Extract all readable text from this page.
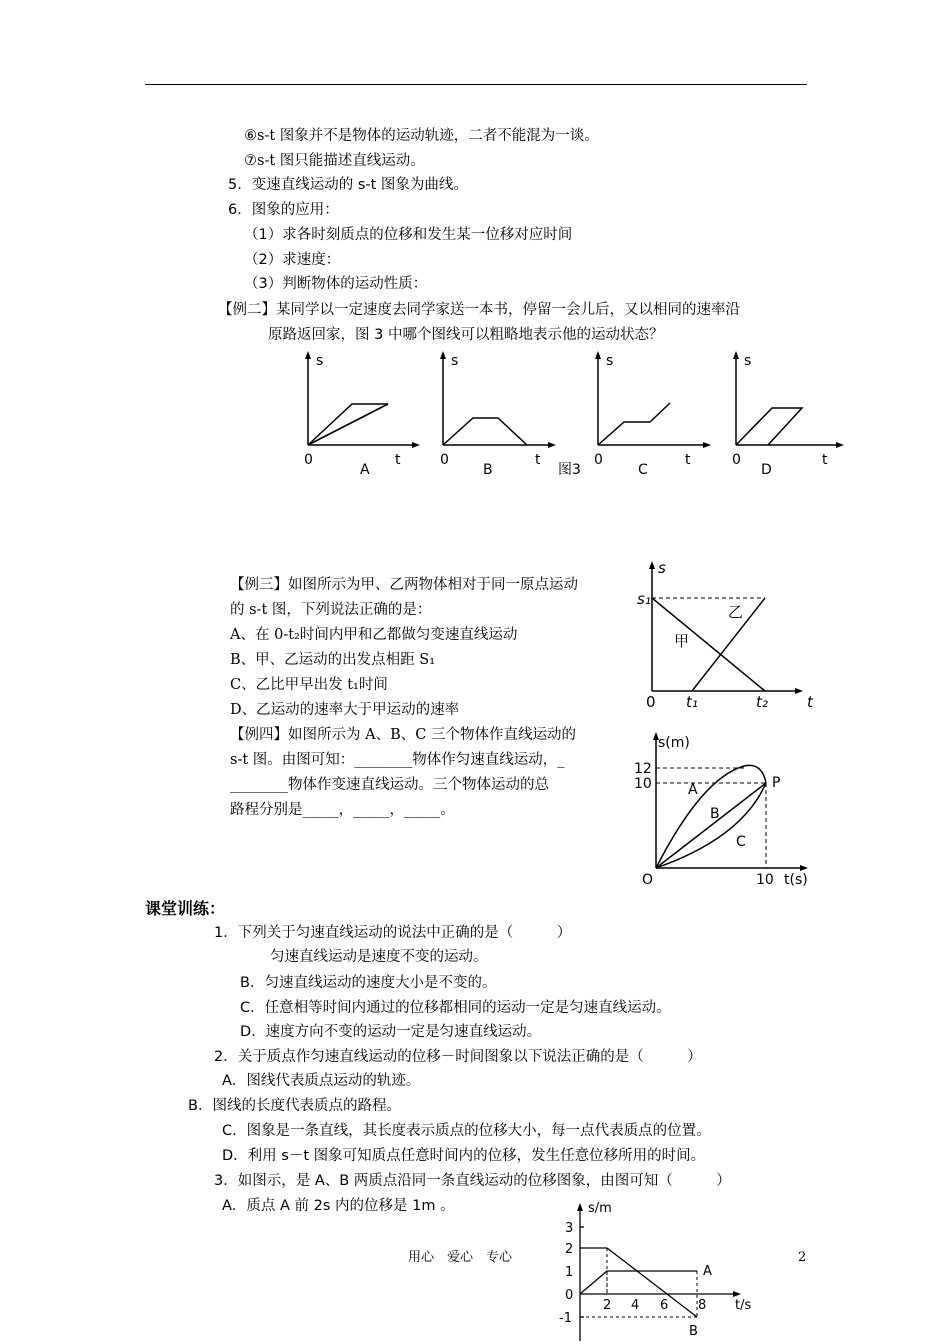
⑥s-t 图象并不是物体的运动轨迹，二者不能混为一谈。
⑦s-t 图只能描述直线运动。
5．变速直线运动的 s-t 图象为曲线。
6．图象的应用：
（1）求各时刻质点的位移和发生某一位移对应时间
（2）求速度：
（3）判断物体的运动性质：
【例二】某同学以一定速度去同学家送一本书，停留一会儿后，又以相同的速率沿
原路返回家，图 3 中哪个图线可以粗略地表示他的运动状态？
s	s	s	s
0	0	0	0
t	t	t	t
A	B	图3	C	D
【例三】如图所示为甲、乙两物体相对于同一原点运动
的 s-t 图，下列说法正确的是：
A、在 0-t₂时间内甲和乙都做匀变速直线运动
B、甲、乙运动的出发点相距 S₁
C、乙比甲早出发 t₁时间
D、乙运动的速率大于甲运动的速率
s
s₁
t₁	t₂	t
0
甲
乙
【例四】如图所示为 A、B、C 三个物体作直线运动的
s-t 图。由图可知：________物体作匀速直线运动，_
________物体作变速直线运动。三个物体运动的总
路程分别是_____，_____，_____。
s(m)
12
10	A
B
C
P
O	10 t(s)
课堂训练：
1．下列关于匀速直线运动的说法中正确的是（　　　）
匀速直线运动是速度不变的运动。
B．匀速直线运动的速度大小是不变的。
C．任意相等时间内通过的位移都相同的运动一定是匀速直线运动。
D．速度方向不变的运动一定是匀速直线运动。
2．关于质点作匀速直线运动的位移－时间图象以下说法正确的是（　　　）
A．图线代表质点运动的轨迹。
B．图线的长度代表质点的路程。
C．图象是一条直线，其长度表示质点的位移大小，每一点代表质点的位置。
D．利用 s－t 图象可知质点任意时间内的位移，发生任意位移所用的时间。
3．如图示，是 A、B 两质点沿同一条直线运动的位移图象，由图可知（　　　）
A．质点 A 前 2s 内的位移是 1m 。	s/m
3
2
1
0
-1
2 4 6 8 t/s
A
B
用心　爱心　专心	2
